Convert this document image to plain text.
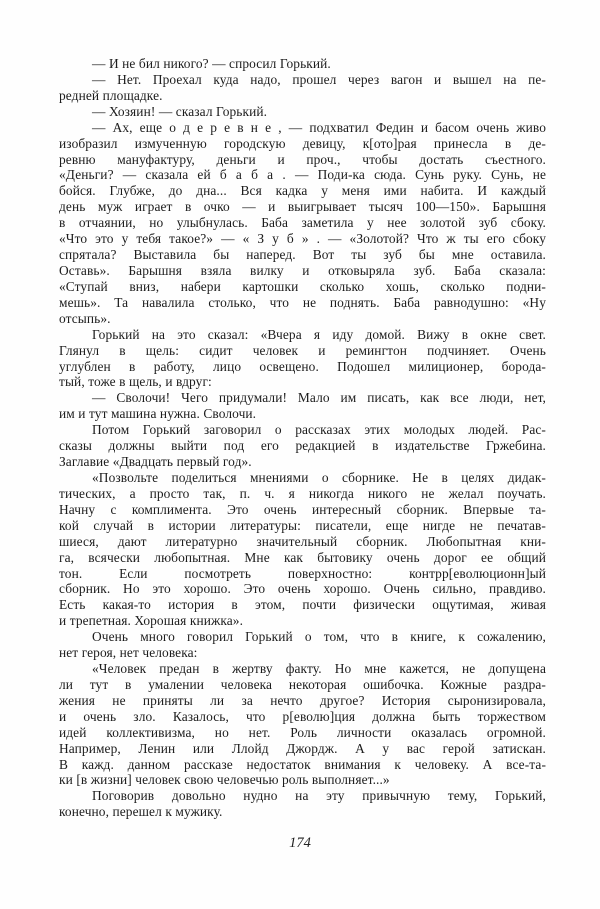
— И не бил никого? — спросил Горький.
— Нет. Проехал куда надо, прошел через вагон и вышел на пе-
редней площадке.
— Хозяин! — сказал Горький.
— Ах, еще о д е р е в н е , — подхватил Федин и басом очень живо
изобразил измученную городскую девицу, к[ото]рая принесла в де-
ревню мануфактуру, деньги и проч., чтобы достать съестного.
«Деньги? — сказала ей б а б а . — Поди-ка сюда. Сунь руку. Сунь, не
бойся. Глубже, до дна... Вся кадка у меня ими набита. И каждый
день муж играет в очко — и выигрывает тысяч 100—150». Барышня
в отчаянии, но улыбнулась. Баба заметила у нее золотой зуб сбоку.
«Что это у тебя такое?» — « З у б » . — «Золотой? Что ж ты его сбоку
спрятала? Выставила бы наперед. Вот ты зуб бы мне оставила.
Оставь». Барышня взяла вилку и отковыряла зуб. Баба сказала:
«Ступай вниз, набери картошки сколько хошь, сколько подни-
мешь». Та навалила столько, что не поднять. Баба равнодушно: «Ну
отсыпь».
Горький на это сказал: «Вчера я иду домой. Вижу в окне свет.
Глянул в щель: сидит человек и ремингтон подчиняет. Очень
углублен в работу, лицо освещено. Подошел милиционер, борода-
тый, тоже в щель, и вдруг:
— Сволочи! Чего придумали! Мало им писать, как все люди, нет,
им и тут машина нужна. Сволочи.
Потом Горький заговорил о рассказах этих молодых людей. Рас-
сказы должны выйти под его редакцией в издательстве Гржебина.
Заглавие «Двадцать первый год».
«Позвольте поделиться мнениями о сборнике. Не в целях дидак-
тических, а просто так, п. ч. я никогда никого не желал поучать.
Начну с комплимента. Это очень интересный сборник. Впервые та-
кой случай в истории литературы: писатели, еще нигде не печатав-
шиеся, дают литературно значительный сборник. Любопытная кни-
га, всячески любопытная. Мне как бытовику очень дорог ее общий
тон. Если посмотреть поверхностно: контрр[еволюционн]ый
сборник. Но это хорошо. Это очень хорошо. Очень сильно, правдиво.
Есть какая-то история в этом, почти физически ощутимая, живая
и трепетная. Хорошая книжка».
Очень много говорил Горький о том, что в книге, к сожалению,
нет героя, нет человека:
«Человек предан в жертву факту. Но мне кажется, не допущена
ли тут в умалении человека некоторая ошибочка. Кожные раздра-
жения не приняты ли за нечто другое? История сыронизировала,
и очень зло. Казалось, что р[еволю]ция должна быть торжеством
идей коллективизма, но нет. Роль личности оказалась огромной.
Например, Ленин или Ллойд Джордж. А у вас герой затискан.
В кажд. данном рассказе недостаток внимания к человеку. А все-та-
ки [в жизни] человек свою человечью роль выполняет...»
Поговорив довольно нудно на эту привычную тему, Горький,
конечно, перешел к мужику.
174
